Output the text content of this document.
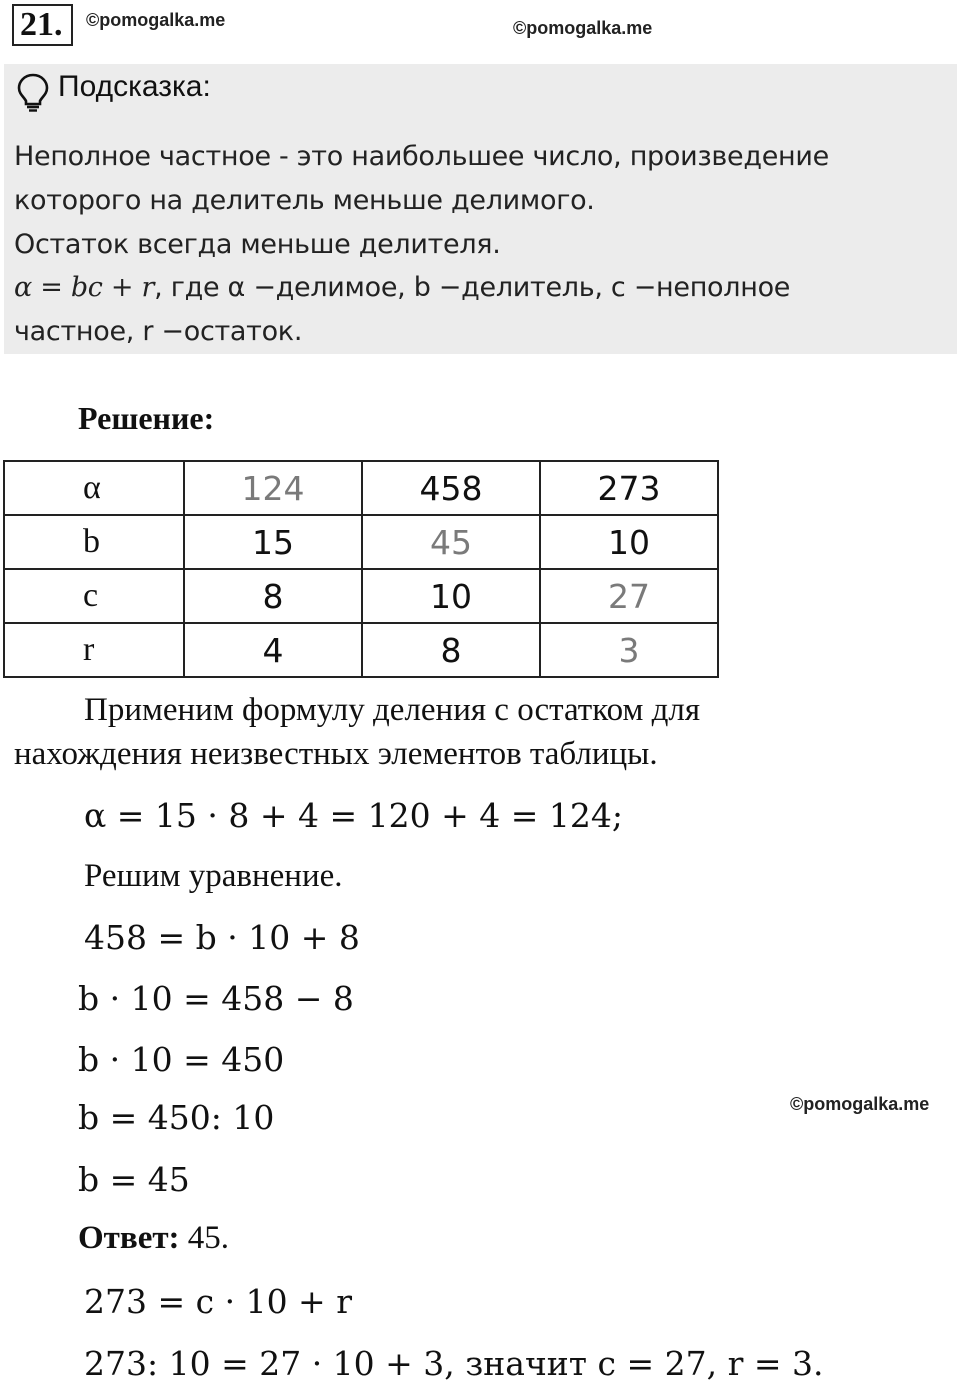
21.	©pomogalka.me	©pomogalka.me
Подсказка:
Неполное частное - это наибольшее число, произведение
которого на делитель меньше делимого.
Остаток всегда меньше делителя.
α = bc + r, где α −делимое, b −делитель, c −неполное
частное, r −остаток.
Решение:
α	124	458	273
b	15	45	10
c	8	10	27
r	4	8	3
Применим формулу деления с остатком для
нахождения неизвестных элементов таблицы.
α = 15 · 8 + 4 = 120 + 4 = 124;
Решим уравнение.
458 = b · 10 + 8
b · 10 = 458 − 8
b · 10 = 450
b = 450: 10	©pomogalka.me
b = 45
Ответ: 45.
273 = c · 10 + r
273: 10 = 27 · 10 + 3, значит c = 27, r = 3.
